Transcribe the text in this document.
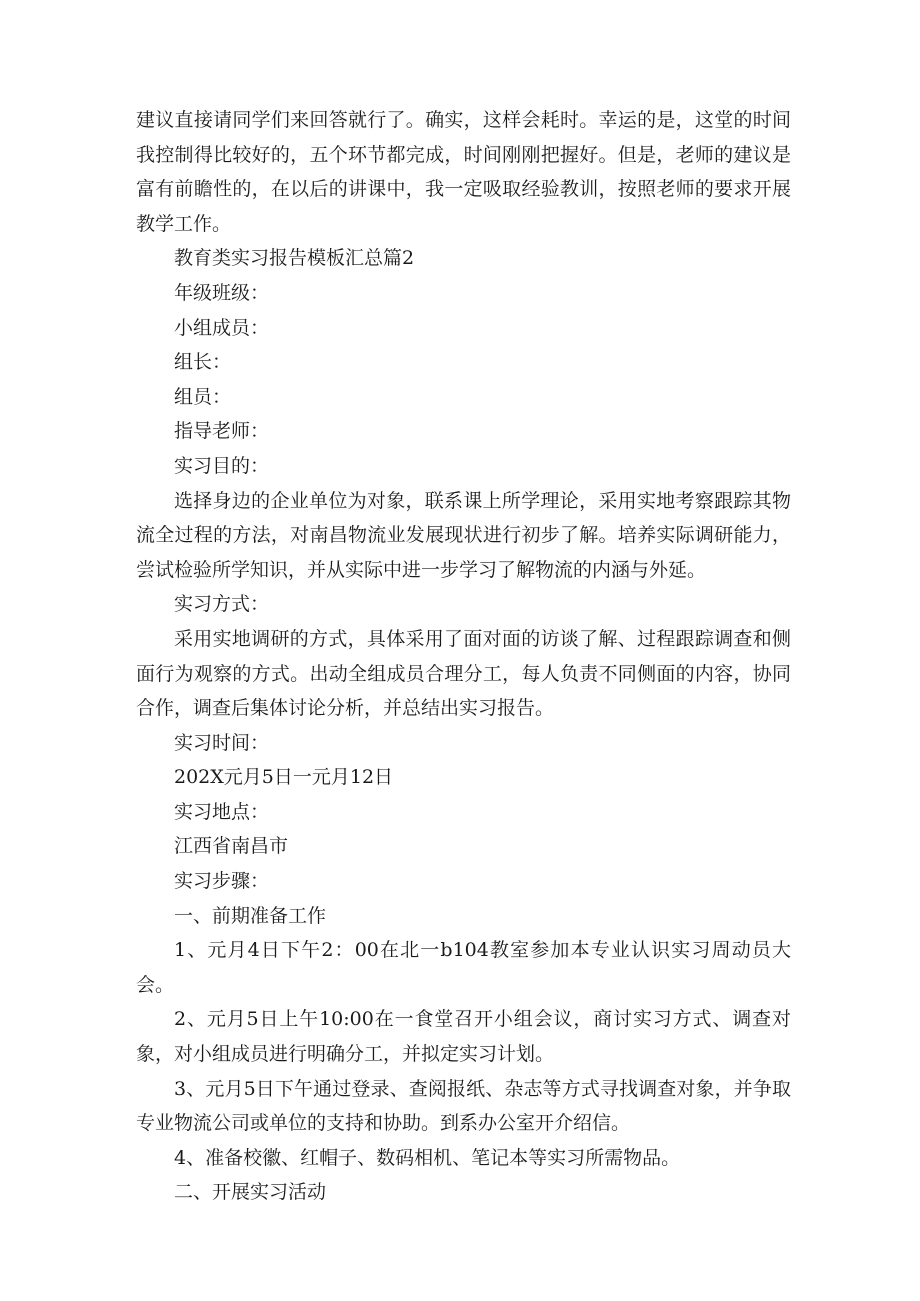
建议直接请同学们来回答就行了。确实，这样会耗时。幸运的是，这堂的时间我控制得比较好的，五个环节都完成，时间刚刚把握好。但是，老师的建议是富有前瞻性的，在以后的讲课中，我一定吸取经验教训，按照老师的要求开展教学工作。

教育类实习报告模板汇总篇2

年级班级：

小组成员：

组长：

组员：

指导老师：

实习目的：

选择身边的企业单位为对象，联系课上所学理论，采用实地考察跟踪其物流全过程的方法，对南昌物流业发展现状进行初步了解。培养实际调研能力，尝试检验所学知识，并从实际中进一步学习了解物流的内涵与外延。

实习方式：

采用实地调研的方式，具体采用了面对面的访谈了解、过程跟踪调查和侧面行为观察的方式。出动全组成员合理分工，每人负责不同侧面的内容，协同合作，调查后集体讨论分析，并总结出实习报告。

实习时间：

202X元月5日一元月12日

实习地点：

江西省南昌市

实习步骤：

一、前期准备工作

1、元月4日下午2：00在北一b104教室参加本专业认识实习周动员大会。

2、元月5日上午10:00在一食堂召开小组会议，商讨实习方式、调查对象，对小组成员进行明确分工，并拟定实习计划。

3、元月5日下午通过登录、查阅报纸、杂志等方式寻找调查对象，并争取专业物流公司或单位的支持和协助。到系办公室开介绍信。

4、准备校徽、红帽子、数码相机、笔记本等实习所需物品。

二、开展实习活动
